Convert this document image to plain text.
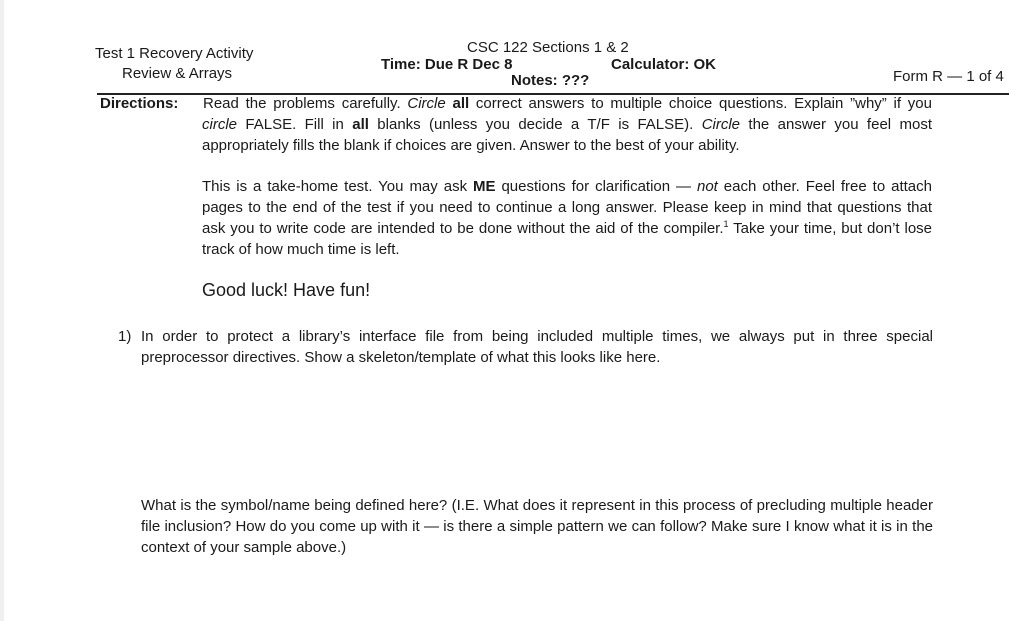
Test 1 Recovery Activity
Review & Arrays
CSC 122 Sections 1 & 2
Time: Due R Dec 8	Calculator: OK
Notes: ???	Form R — 1 of 4
Directions: Read the problems carefully. Circle all correct answers to multiple choice questions. Explain ”why” if you circle FALSE. Fill in all blanks (unless you decide a T/F is FALSE). Circle the answer you feel most appropriately fills the blank if choices are given. Answer to the best of your ability.
This is a take-home test. You may ask ME questions for clarification — not each other. Feel free to attach pages to the end of the test if you need to continue a long answer. Please keep in mind that questions that ask you to write code are intended to be done without the aid of the compiler.$^1$ Take your time, but don’t lose track of how much time is left.
Good luck! Have fun!
1) In order to protect a library’s interface file from being included multiple times, we always put in three special preprocessor directives. Show a skeleton/template of what this looks like here.
What is the symbol/name being defined here? (I.E. What does it represent in this process of precluding multiple header file inclusion? How do you come up with it — is there a simple pattern we can follow? Make sure I know what it is in the context of your sample above.)
